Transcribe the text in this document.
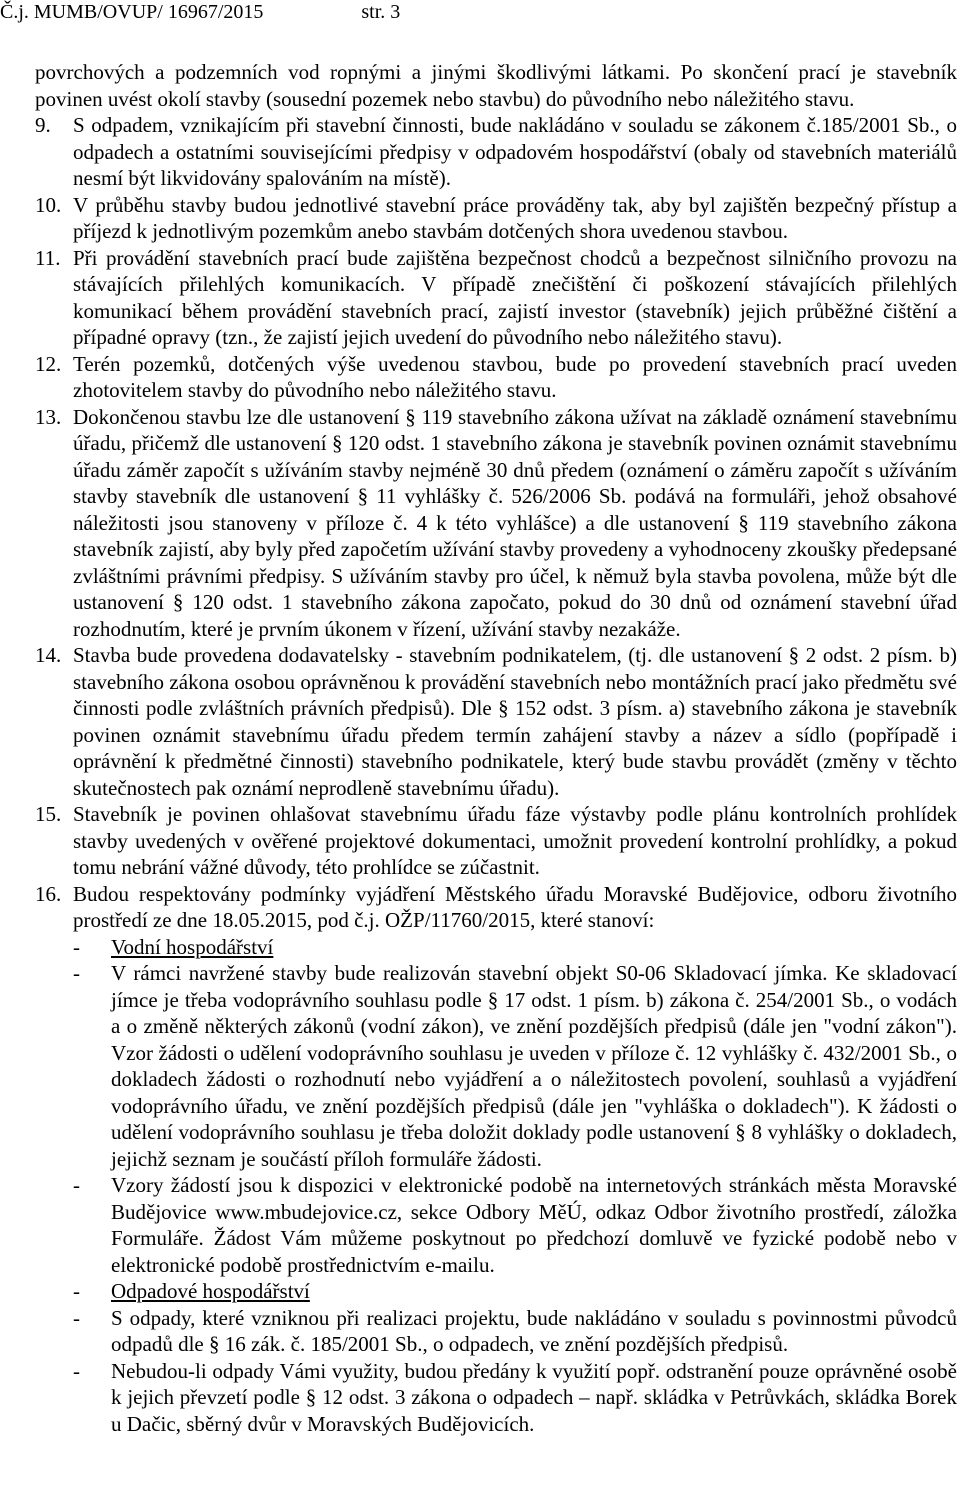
Č.j. MUMB/OVUP/ 16967/2015	str. 3
povrchových a podzemních vod ropnými a jinými škodlivými látkami. Po skončení prací je stavebník povinen uvést okolí stavby (sousední pozemek nebo stavbu) do původního nebo náležitého stavu.
9. S odpadem, vznikajícím při stavební činnosti, bude nakládáno v souladu se zákonem č.185/2001 Sb., o odpadech a ostatními souvisejícími předpisy v odpadovém hospodářství (obaly od stavebních materiálů nesmí být likvidovány spalováním na místě).
10. V průběhu stavby budou jednotlivé stavební práce prováděny tak, aby byl zajištěn bezpečný přístup a příjezd k jednotlivým pozemkům anebo stavbám dotčených shora uvedenou stavbou.
11. Při provádění stavebních prací bude zajištěna bezpečnost chodců a bezpečnost silničního provozu na stávajících přilehlých komunikacích. V případě znečištění či poškození stávajících přilehlých komunikací během provádění stavebních prací, zajistí investor (stavebník) jejich průběžné čištění a případné opravy (tzn., že zajistí jejich uvedení do původního nebo náležitého stavu).
12. Terén pozemků, dotčených výše uvedenou stavbou, bude po provedení stavebních prací uveden zhotovitelem stavby do původního nebo náležitého stavu.
13. Dokončenou stavbu lze dle ustanovení § 119 stavebního zákona užívat na základě oznámení stavebnímu úřadu, přičemž dle ustanovení § 120 odst. 1 stavebního zákona je stavebník povinen oznámit stavebnímu úřadu záměr započít s užíváním stavby nejméně 30 dnů předem (oznámení o záměru započít s užíváním stavby stavebník dle ustanovení § 11 vyhlášky č. 526/2006 Sb. podává na formuláři, jehož obsahové náležitosti jsou stanoveny v příloze č. 4 k této vyhlášce) a dle ustanovení § 119 stavebního zákona stavebník zajistí, aby byly před započetím užívání stavby provedeny a vyhodnoceny zkoušky předepsané zvláštními právními předpisy. S užíváním stavby pro účel, k němuž byla stavba povolena, může být dle ustanovení § 120 odst. 1 stavebního zákona započato, pokud do 30 dnů od oznámení stavební úřad rozhodnutím, které je prvním úkonem v řízení, užívání stavby nezakáže.
14. Stavba bude provedena dodavatelsky - stavebním podnikatelem, (tj. dle ustanovení § 2 odst. 2 písm. b) stavebního zákona osobou oprávněnou k provádění stavebních nebo montážních prací jako předmětu své činnosti podle zvláštních právních předpisů). Dle § 152 odst. 3 písm. a) stavebního zákona je stavebník povinen oznámit stavebnímu úřadu předem termín zahájení stavby a název a sídlo (popřípadě i oprávnění k předmětné činnosti) stavebního podnikatele, který bude stavbu provádět (změny v těchto skutečnostech pak oznámí neprodleně stavebnímu úřadu).
15. Stavebník je povinen ohlašovat stavebnímu úřadu fáze výstavby podle plánu kontrolních prohlídek stavby uvedených v ověřené projektové dokumentaci, umožnit provedení kontrolní prohlídky, a pokud tomu nebrání vážné důvody, této prohlídce se zúčastnit.
16. Budou respektovány podmínky vyjádření Městského úřadu Moravské Budějovice, odboru životního prostředí ze dne 18.05.2015, pod č.j. OŽP/11760/2015, které stanoví:
- Vodní hospodářství
- V rámci navržené stavby bude realizován stavební objekt S0-06 Skladovací jímka. Ke skladovací jímce je třeba vodoprávního souhlasu podle § 17 odst. 1 písm. b) zákona č. 254/2001 Sb., o vodách a o změně některých zákonů (vodní zákon), ve znění pozdějších předpisů (dále jen "vodní zákon"). Vzor žádosti o udělení vodoprávního souhlasu je uveden v příloze č. 12 vyhlášky č. 432/2001 Sb., o dokladech žádosti o rozhodnutí nebo vyjádření a o náležitostech povolení, souhlasů a vyjádření vodoprávního úřadu, ve znění pozdějších předpisů (dále jen "vyhláška o dokladech"). K žádosti o udělení vodoprávního souhlasu je třeba doložit doklady podle ustanovení § 8 vyhlášky o dokladech, jejichž seznam je součástí příloh formuláře žádosti.
- Vzory žádostí jsou k dispozici v elektronické podobě na internetových stránkách města Moravské Budějovice www.mbudejovice.cz, sekce Odbory MěÚ, odkaz Odbor životního prostředí, záložka Formuláře. Žádost Vám můžeme poskytnout po předchozí domluvě ve fyzické podobě nebo v elektronické podobě prostřednictvím e-mailu.
- Odpadové hospodářství
- S odpady, které vzniknou při realizaci projektu, bude nakládáno v souladu s povinnostmi původců odpadů dle § 16 zák. č. 185/2001 Sb., o odpadech, ve znění pozdějších předpisů.
- Nebudou-li odpady Vámi využity, budou předány k využití popř. odstranění pouze oprávněné osobě k jejich převzetí podle § 12 odst. 3 zákona o odpadech – např. skládka v Petrůvkách, skládka Borek u Dačic, sběrný dvůr v Moravských Budějovicích.
